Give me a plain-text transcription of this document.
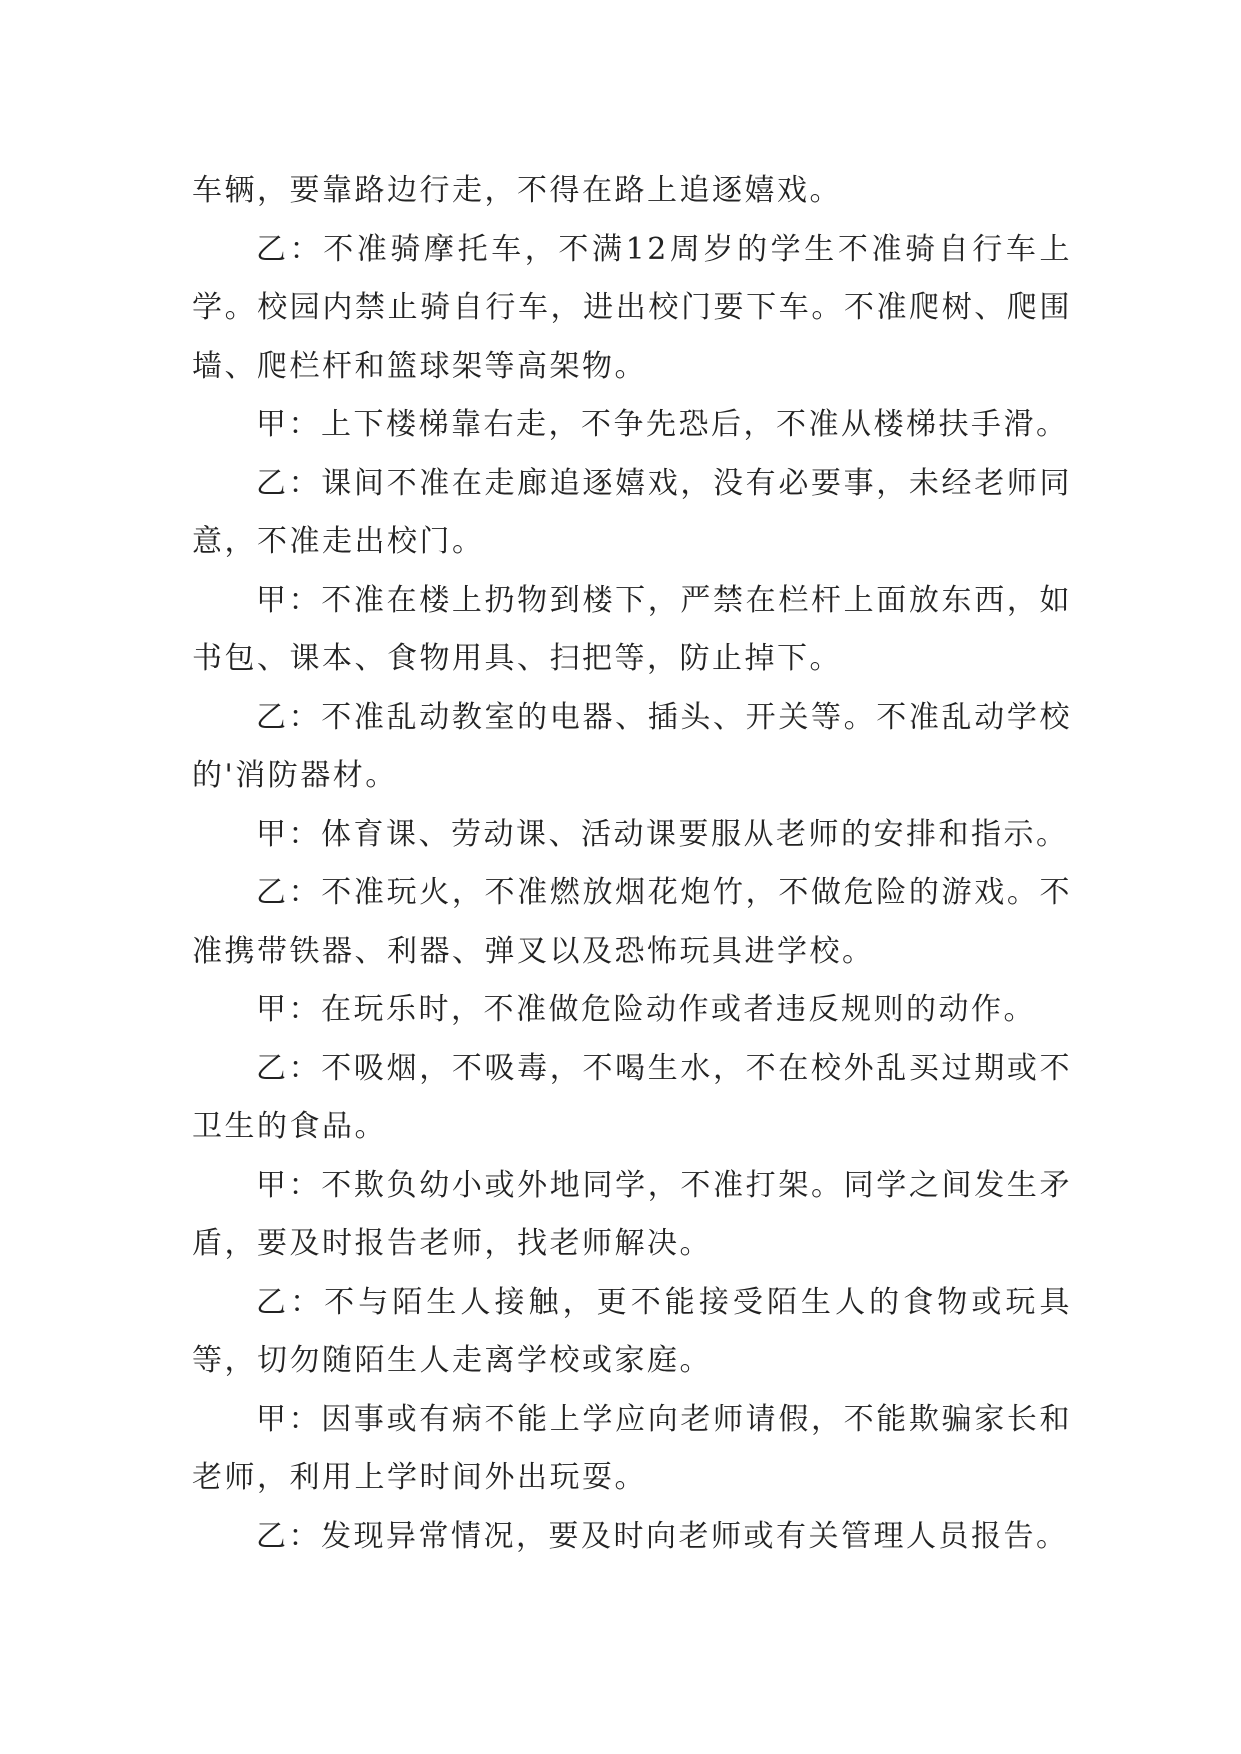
车辆，要靠路边行走，不得在路上追逐嬉戏。

乙：不准骑摩托车，不满12周岁的学生不准骑自行车上学。校园内禁止骑自行车，进出校门要下车。不准爬树、爬围墙、爬栏杆和篮球架等高架物。

甲：上下楼梯靠右走，不争先恐后，不准从楼梯扶手滑。

乙：课间不准在走廊追逐嬉戏，没有必要事，未经老师同意，不准走出校门。

甲：不准在楼上扔物到楼下，严禁在栏杆上面放东西，如书包、课本、食物用具、扫把等，防止掉下。

乙：不准乱动教室的电器、插头、开关等。不准乱动学校的'消防器材。

甲：体育课、劳动课、活动课要服从老师的安排和指示。

乙：不准玩火，不准燃放烟花炮竹，不做危险的游戏。不准携带铁器、利器、弹叉以及恐怖玩具进学校。

甲：在玩乐时，不准做危险动作或者违反规则的动作。

乙：不吸烟，不吸毒，不喝生水，不在校外乱买过期或不卫生的食品。

甲：不欺负幼小或外地同学，不准打架。同学之间发生矛盾，要及时报告老师，找老师解决。

乙：不与陌生人接触，更不能接受陌生人的食物或玩具等，切勿随陌生人走离学校或家庭。

甲：因事或有病不能上学应向老师请假，不能欺骗家长和老师，利用上学时间外出玩耍。

乙：发现异常情况，要及时向老师或有关管理人员报告。
